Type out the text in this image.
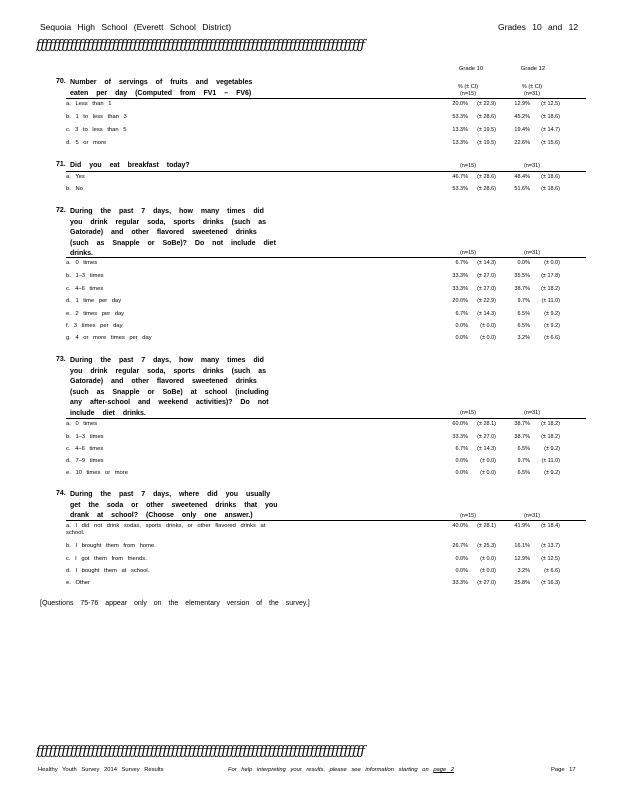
Sequoia High School (Everett School District)	Grades 10 and 12
ƒƒƒƒƒƒƒƒƒƒƒƒƒƒƒƒƒƒƒƒƒƒƒƒƒƒƒƒƒƒƒƒƒƒƒƒƒƒƒƒƒƒƒƒƒƒƒƒƒƒƒƒƒƒƒƒƒƒƒƒƒƒƒƒƒƒƒƒƒƒƒƒƒƒƒƒƒƒ
Grade 10	Grade 12
70. Number of servings of fruits and vegetables eaten per day (Computed from FV1 – FV6)
% (± CI)	% (± CI)
(n=15)	(n=31)
a. Less than 1	20.0%	(± 22.9)	12.9%	(± 12.5)
b. 1 to less than 3	53.3%	(± 28.6)	45.2%	(± 18.6)
c. 3 to less than 5	13.3%	(± 19.5)	19.4%	(± 14.7)
d. 5 or more	13.3%	(± 19.5)	22.6%	(± 15.6)
71. Did you eat breakfast today?	(n=15)	(n=31)
a. Yes	46.7%	(± 28.6)	48.4%	(± 18.6)
b. No	53.3%	(± 28.6)	51.6%	(± 18.6)
72. During the past 7 days, how many times did you drink regular soda, sports drinks (such as Gatorade) and other flavored sweetened drinks (such as Snapple or SoBe)? Do not include diet drinks.	(n=15)	(n=31)
a. 0 times	6.7%	(± 14.3)	0.0%	(± 0.0)
b. 1–3 times	33.3%	(± 27.0)	35.5%	(± 17.8)
c. 4–6 times	33.3%	(± 27.0)	38.7%	(± 18.2)
d. 1 time per day	20.0%	(± 22.9)	9.7%	(± 11.0)
e. 2 times per day	6.7%	(± 14.3)	6.5%	(± 9.2)
f. 3 times per day	0.0%	(± 0.0)	6.5%	(± 9.2)
g. 4 or more times per day	0.0%	(± 0.0)	3.2%	(± 6.6)
73. During the past 7 days, how many times did you drink regular soda, sports drinks (such as Gatorade) and other flavored sweetened drinks (such as Snapple or SoBe) at school (including any after-school and weekend activities)? Do not include diet drinks.	(n=15)	(n=31)
a. 0 times	60.0%	(± 28.1)	38.7%	(± 18.2)
b. 1–3 times	33.3%	(± 27.0)	38.7%	(± 18.2)
c. 4–6 times	6.7%	(± 14.3)	6.5%	(± 9.2)
d. 7–9 times	0.0%	(± 0.0)	9.7%	(± 11.0)
e. 10 times or more	0.0%	(± 0.0)	6.5%	(± 9.2)
74. During the past 7 days, where did you usually get the soda or other sweetened drinks that you drank at school? (Choose only one answer.)	(n=15)	(n=31)
a. I did not drink sodas, sports drinks, or other flavored drinks at school.
40.0%	(± 28.1)	41.9%	(± 18.4)
b. I brought them from home.	26.7%	(± 25.3)	16.1%	(± 13.7)
c. I got them from friends.	0.0%	(± 0.0)	12.9%	(± 12.5)
d. I bought them at school.	0.0%	(± 0.0)	3.2%	(± 6.6)
e. Other	33.3%	(± 27.0)	25.8%	(± 16.3)
[Questions 75-76 appear only on the elementary version of the survey.]
ƒƒƒƒƒƒƒƒƒƒƒƒƒƒƒƒƒƒƒƒƒƒƒƒƒƒƒƒƒƒƒƒƒƒƒƒƒƒƒƒƒƒƒƒƒƒƒƒƒƒƒƒƒƒƒƒƒƒƒƒƒƒƒƒƒƒƒƒƒƒƒƒƒƒƒƒƒƒ
Healthy Youth Survey 2014 Survey Results	For help interpreting your results, please see information starting on page 2	Page 17
